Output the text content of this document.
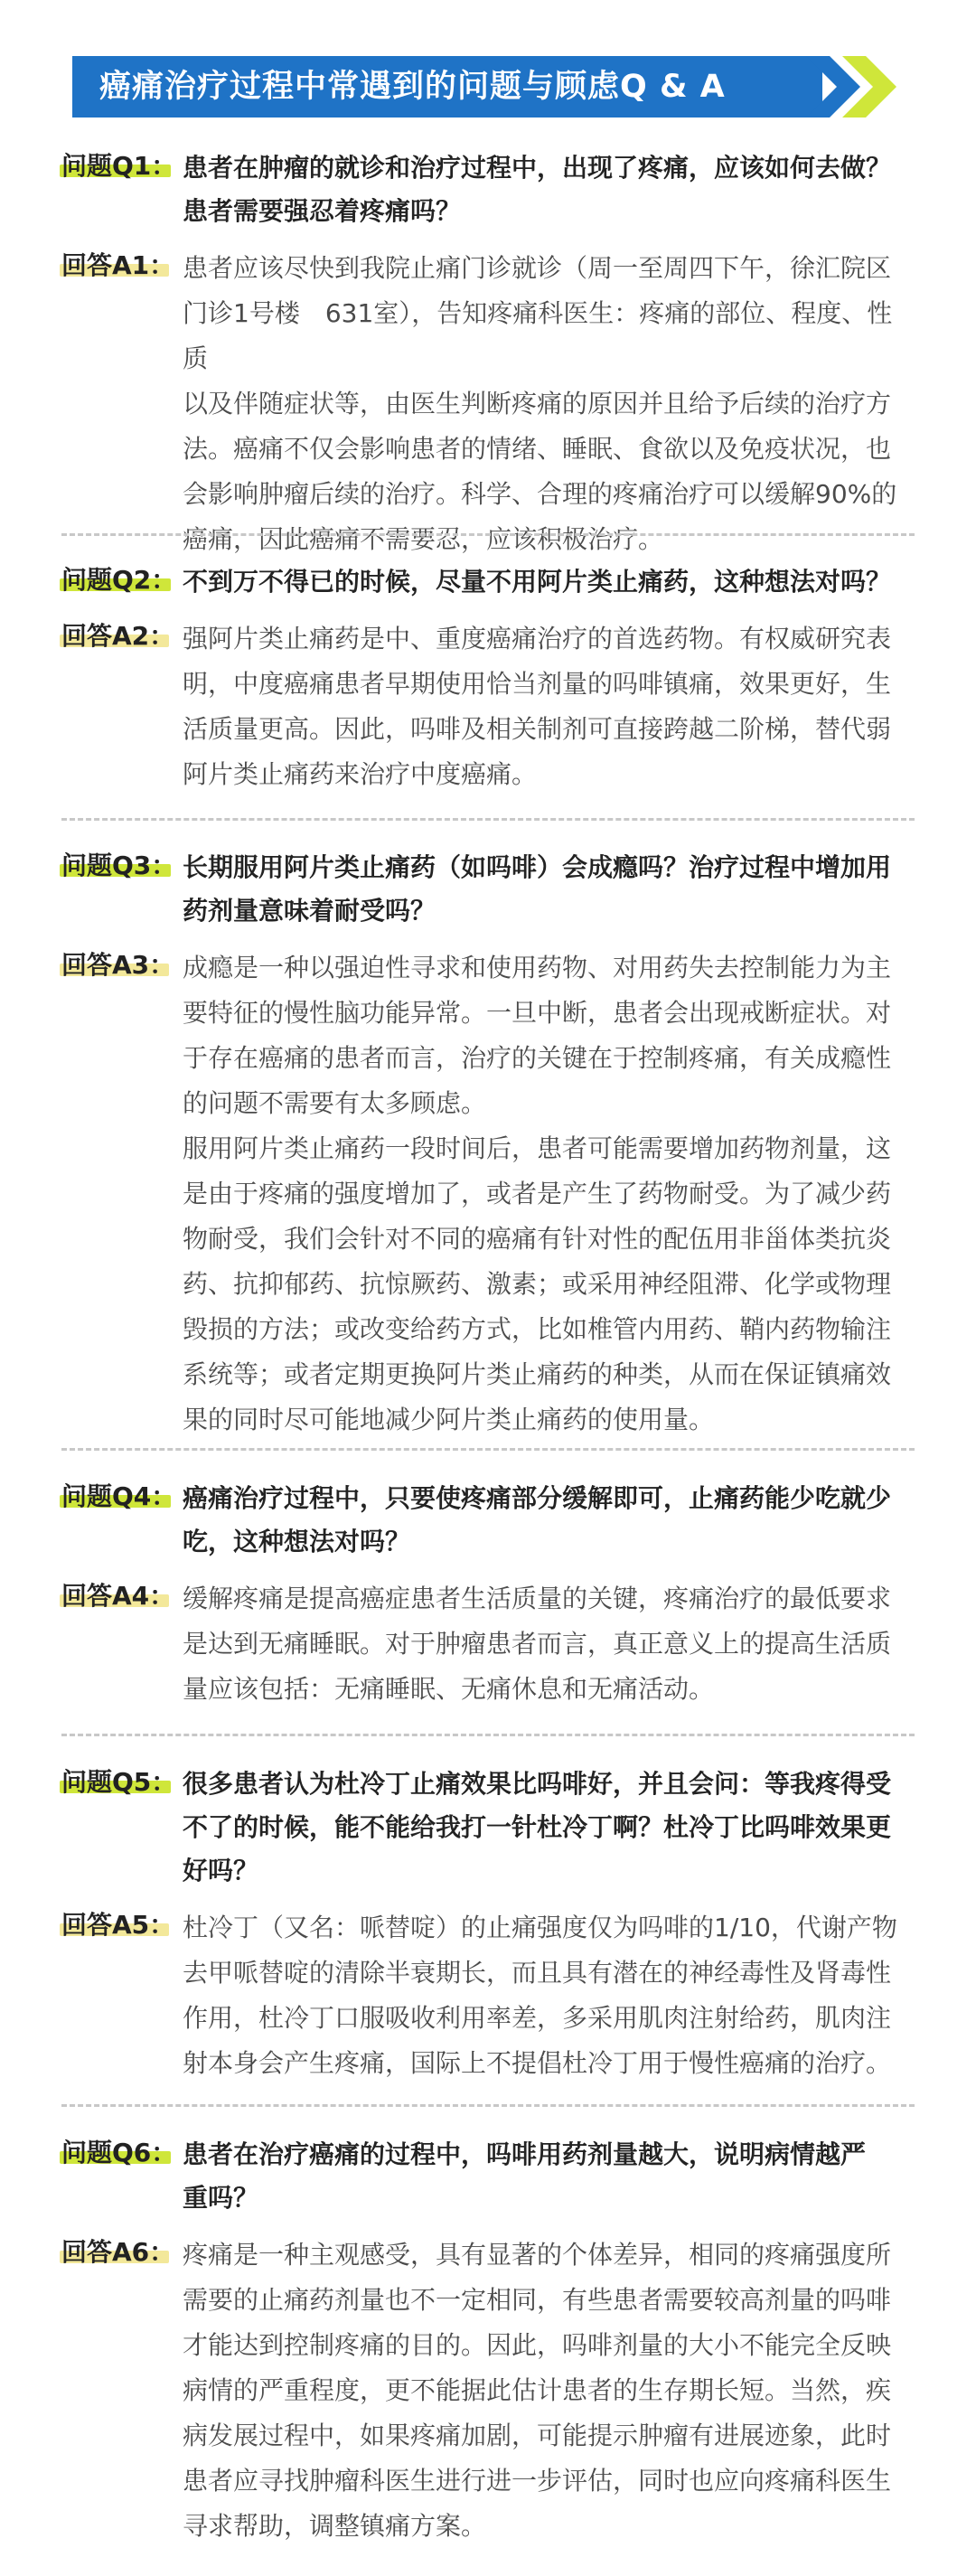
癌痛治疗过程中常遇到的问题与顾虑Q & A
问题Q1： 患者在肿瘤的就诊和治疗过程中，出现了疼痛，应该如何去做？
患者需要强忍着疼痛吗？
回答A1： 患者应该尽快到我院止痛门诊就诊（周一至周四下午，徐汇院区
门诊1号楼　631室），告知疼痛科医生：疼痛的部位、程度、性质
以及伴随症状等，由医生判断疼痛的原因并且给予后续的治疗方
法。癌痛不仅会影响患者的情绪、睡眠、食欲以及免疫状况，也
会影响肿瘤后续的治疗。科学、合理的疼痛治疗可以缓解90%的
癌痛，因此癌痛不需要忍，应该积极治疗。
问题Q2： 不到万不得已的时候，尽量不用阿片类止痛药，这种想法对吗？
回答A2： 强阿片类止痛药是中、重度癌痛治疗的首选药物。有权威研究表
明，中度癌痛患者早期使用恰当剂量的吗啡镇痛，效果更好，生
活质量更高。因此，吗啡及相关制剂可直接跨越二阶梯，替代弱
阿片类止痛药来治疗中度癌痛。
问题Q3： 长期服用阿片类止痛药（如吗啡）会成瘾吗？治疗过程中增加用
药剂量意味着耐受吗？
回答A3： 成瘾是一种以强迫性寻求和使用药物、对用药失去控制能力为主
要特征的慢性脑功能异常。一旦中断，患者会出现戒断症状。对
于存在癌痛的患者而言，治疗的关键在于控制疼痛，有关成瘾性
的问题不需要有太多顾虑。
服用阿片类止痛药一段时间后，患者可能需要增加药物剂量，这
是由于疼痛的强度增加了，或者是产生了药物耐受。为了减少药
物耐受，我们会针对不同的癌痛有针对性的配伍用非甾体类抗炎
药、抗抑郁药、抗惊厥药、激素；或采用神经阻滞、化学或物理
毁损的方法；或改变给药方式，比如椎管内用药、鞘内药物输注
系统等；或者定期更换阿片类止痛药的种类，从而在保证镇痛效
果的同时尽可能地减少阿片类止痛药的使用量。
问题Q4： 癌痛治疗过程中，只要使疼痛部分缓解即可，止痛药能少吃就少
吃，这种想法对吗？
回答A4： 缓解疼痛是提高癌症患者生活质量的关键，疼痛治疗的最低要求
是达到无痛睡眠。对于肿瘤患者而言，真正意义上的提高生活质
量应该包括：无痛睡眠、无痛休息和无痛活动。
问题Q5： 很多患者认为杜冷丁止痛效果比吗啡好，并且会问：等我疼得受
不了的时候，能不能给我打一针杜冷丁啊？杜冷丁比吗啡效果更
好吗？
回答A5： 杜冷丁（又名：哌替啶）的止痛强度仅为吗啡的1/10，代谢产物
去甲哌替啶的清除半衰期长，而且具有潜在的神经毒性及肾毒性
作用，杜冷丁口服吸收利用率差，多采用肌肉注射给药，肌肉注
射本身会产生疼痛，国际上不提倡杜冷丁用于慢性癌痛的治疗。
问题Q6： 患者在治疗癌痛的过程中，吗啡用药剂量越大，说明病情越严
重吗？
回答A6： 疼痛是一种主观感受，具有显著的个体差异，相同的疼痛强度所
需要的止痛药剂量也不一定相同，有些患者需要较高剂量的吗啡
才能达到控制疼痛的目的。因此，吗啡剂量的大小不能完全反映
病情的严重程度，更不能据此估计患者的生存期长短。当然，疾
病发展过程中，如果疼痛加剧，可能提示肿瘤有进展迹象，此时
患者应寻找肿瘤科医生进行进一步评估，同时也应向疼痛科医生
寻求帮助，调整镇痛方案。
